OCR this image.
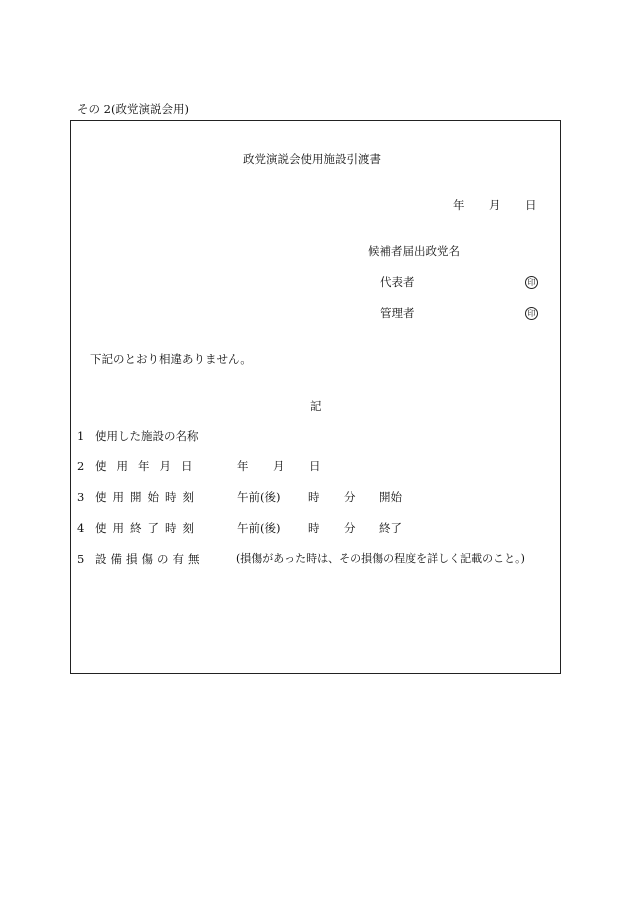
その 2(政党演説会用)
政党演説会使用施設引渡書
年 月 日
候補者届出政党名
代表者	印
管理者	印
下記のとおり相違ありません。
記
1 使用した施設の名称
2 使用年月日	年 月 日
3 使用開始時刻	午前(後) 時 分 開始
4 使用終了時刻	午前(後) 時 分 終了
5 設備損傷の有無	(損傷があった時は、その損傷の程度を詳しく記載のこと。)
